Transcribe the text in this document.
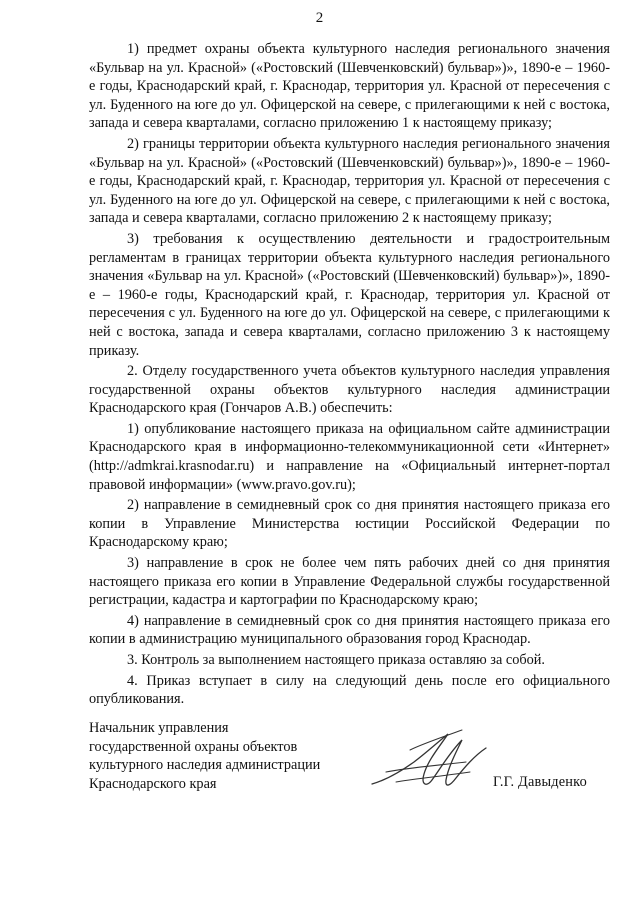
2

1) предмет охраны объекта культурного наследия регионального значения «Бульвар на ул. Красной» («Ростовский (Шевченковский) бульвар»)», 1890-е – 1960-е годы, Краснодарский край, г. Краснодар, территория ул. Красной от пересечения с ул. Буденного на юге до ул. Офицерской на севере, с прилегающими к ней с востока, запада и севера кварталами, согласно приложению 1 к настоящему приказу;

2) границы территории объекта культурного наследия регионального значения «Бульвар на ул. Красной» («Ростовский (Шевченковский) бульвар»)», 1890-е – 1960-е годы, Краснодарский край, г. Краснодар, территория ул. Красной от пересечения с ул. Буденного на юге до ул. Офицерской на севере, с прилегающими к ней с востока, запада и севера кварталами, согласно приложению 2 к настоящему приказу;

3) требования к осуществлению деятельности и градостроительным регламентам в границах территории объекта культурного наследия регионального значения «Бульвар на ул. Красной» («Ростовский (Шевченковский) бульвар»)», 1890-е – 1960-е годы, Краснодарский край, г. Краснодар, территория ул. Красной от пересечения с ул. Буденного на юге до ул. Офицерской на севере, с прилегающими к ней с востока, запада и севера кварталами, согласно приложению 3 к настоящему приказу.

2. Отделу государственного учета объектов культурного наследия управления государственной охраны объектов культурного наследия администрации Краснодарского края (Гончаров А.В.) обеспечить:

1) опубликование настоящего приказа на официальном сайте администрации Краснодарского края в информационно-телекоммуникационной сети «Интернет» (http://admkrai.krasnodar.ru) и направление на «Официальный интернет-портал правовой информации» (www.pravo.gov.ru);

2) направление в семидневный срок со дня принятия настоящего приказа его копии в Управление Министерства юстиции Российской Федерации по Краснодарскому краю;

3) направление в срок не более чем пять рабочих дней со дня принятия настоящего приказа его копии в Управление Федеральной службы государственной регистрации, кадастра и картографии по Краснодарскому краю;

4) направление в семидневный срок со дня принятия настоящего приказа его копии в администрацию муниципального образования город Краснодар.

3. Контроль за выполнением настоящего приказа оставляю за собой.

4. Приказ вступает в силу на следующий день после его официального опубликования.

Начальник управления
государственной охраны объектов
культурного наследия администрации
Краснодарского края	Г.Г. Давыденко
